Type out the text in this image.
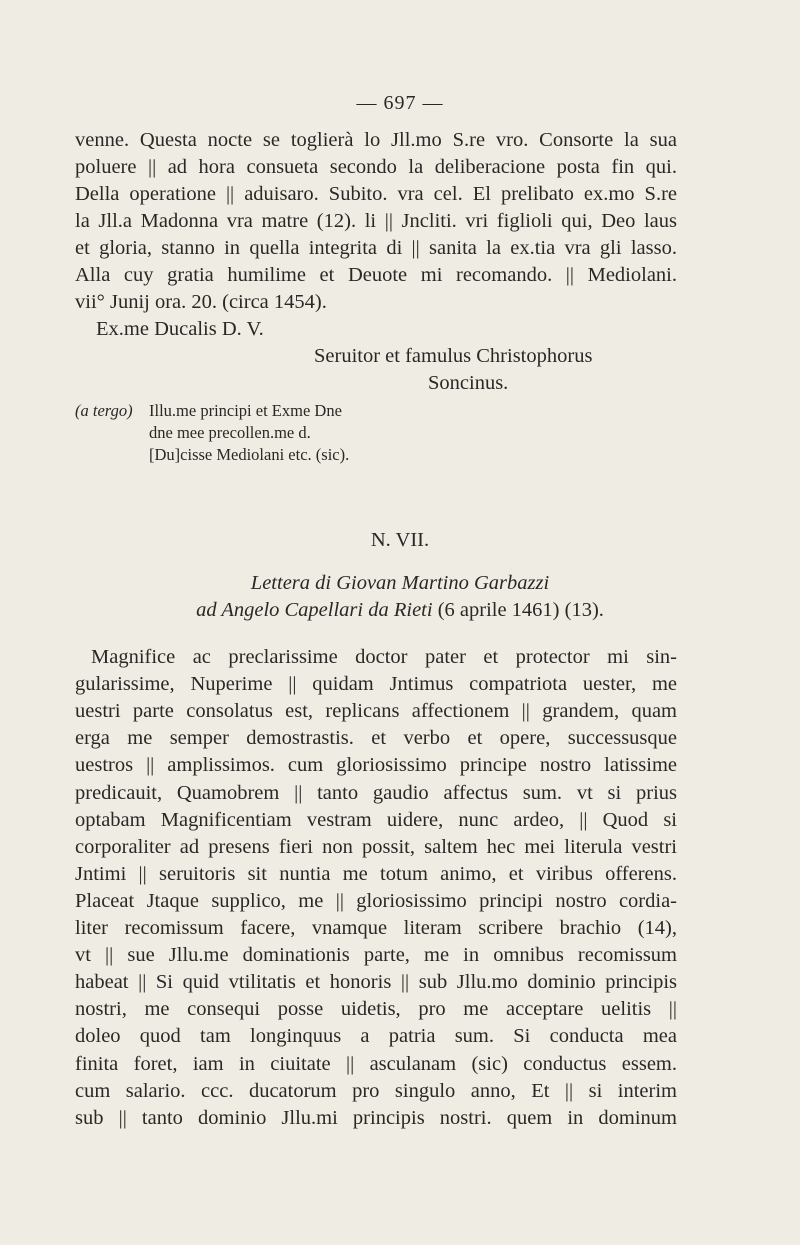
— 697 —
venne. Questa nocte se toglierà lo Jll.mo S.re vro. Consorte la sua
poluere || ad hora consueta secondo la deliberacione posta fin qui.
Della operatione || aduisaro. Subito. vra cel. El prelibato ex.mo S.re
la Jll.a Madonna vra matre (12). li || Jncliti. vri figlioli qui, Deo laus
et gloria, stanno in quella integrita di || sanita la ex.tia vra gli lasso.
Alla cuy gratia humilime et Deuote mi recomando. || Mediolani.
vii° Junij ora. 20. (circa 1454).
Ex.me Ducalis D. V.
Seruitor et famulus Christophorus
Soncinus.
(a tergo) Illu.me principi et Exme Dne
dne mee precollen.me d.
[Du]cisse Mediolani etc. (sic).
N. VII.
Lettera di Giovan Martino Garbazzi
ad Angelo Capellari da Rieti (6 aprile 1461) (13).
Magnifice ac preclarissime doctor pater et protector mi sin-
gularissime, Nuperime || quidam Jntimus compatriota uester, me
uestri parte consolatus est, replicans affectionem || grandem, quam
erga me semper demostrastis. et verbo et opere, successusque
uestros || amplissimos. cum gloriosissimo principe nostro latissime
predicauit, Quamobrem || tanto gaudio affectus sum. vt si prius
optabam Magnificentiam vestram uidere, nunc ardeo, || Quod si
corporaliter ad presens fieri non possit, saltem hec mei literula vestri
Jntimi || seruitoris sit nuntia me totum animo, et viribus offerens.
Placeat Jtaque supplico, me || gloriosissimo principi nostro cordia-
liter recomissum facere, vnamque literam scribere brachio (14),
vt || sue Jllu.me dominationis parte, me in omnibus recomissum
habeat || Si quid vtilitatis et honoris || sub Jllu.mo dominio principis
nostri, me consequi posse uidetis, pro me acceptare uelitis ||
doleo quod tam longinquus a patria sum. Si conducta mea
finita foret, iam in ciuitate || asculanam (sic) conductus essem.
cum salario. ccc. ducatorum pro singulo anno, Et || si interim
sub || tanto dominio Jllu.mi principis nostri. quem in dominum
